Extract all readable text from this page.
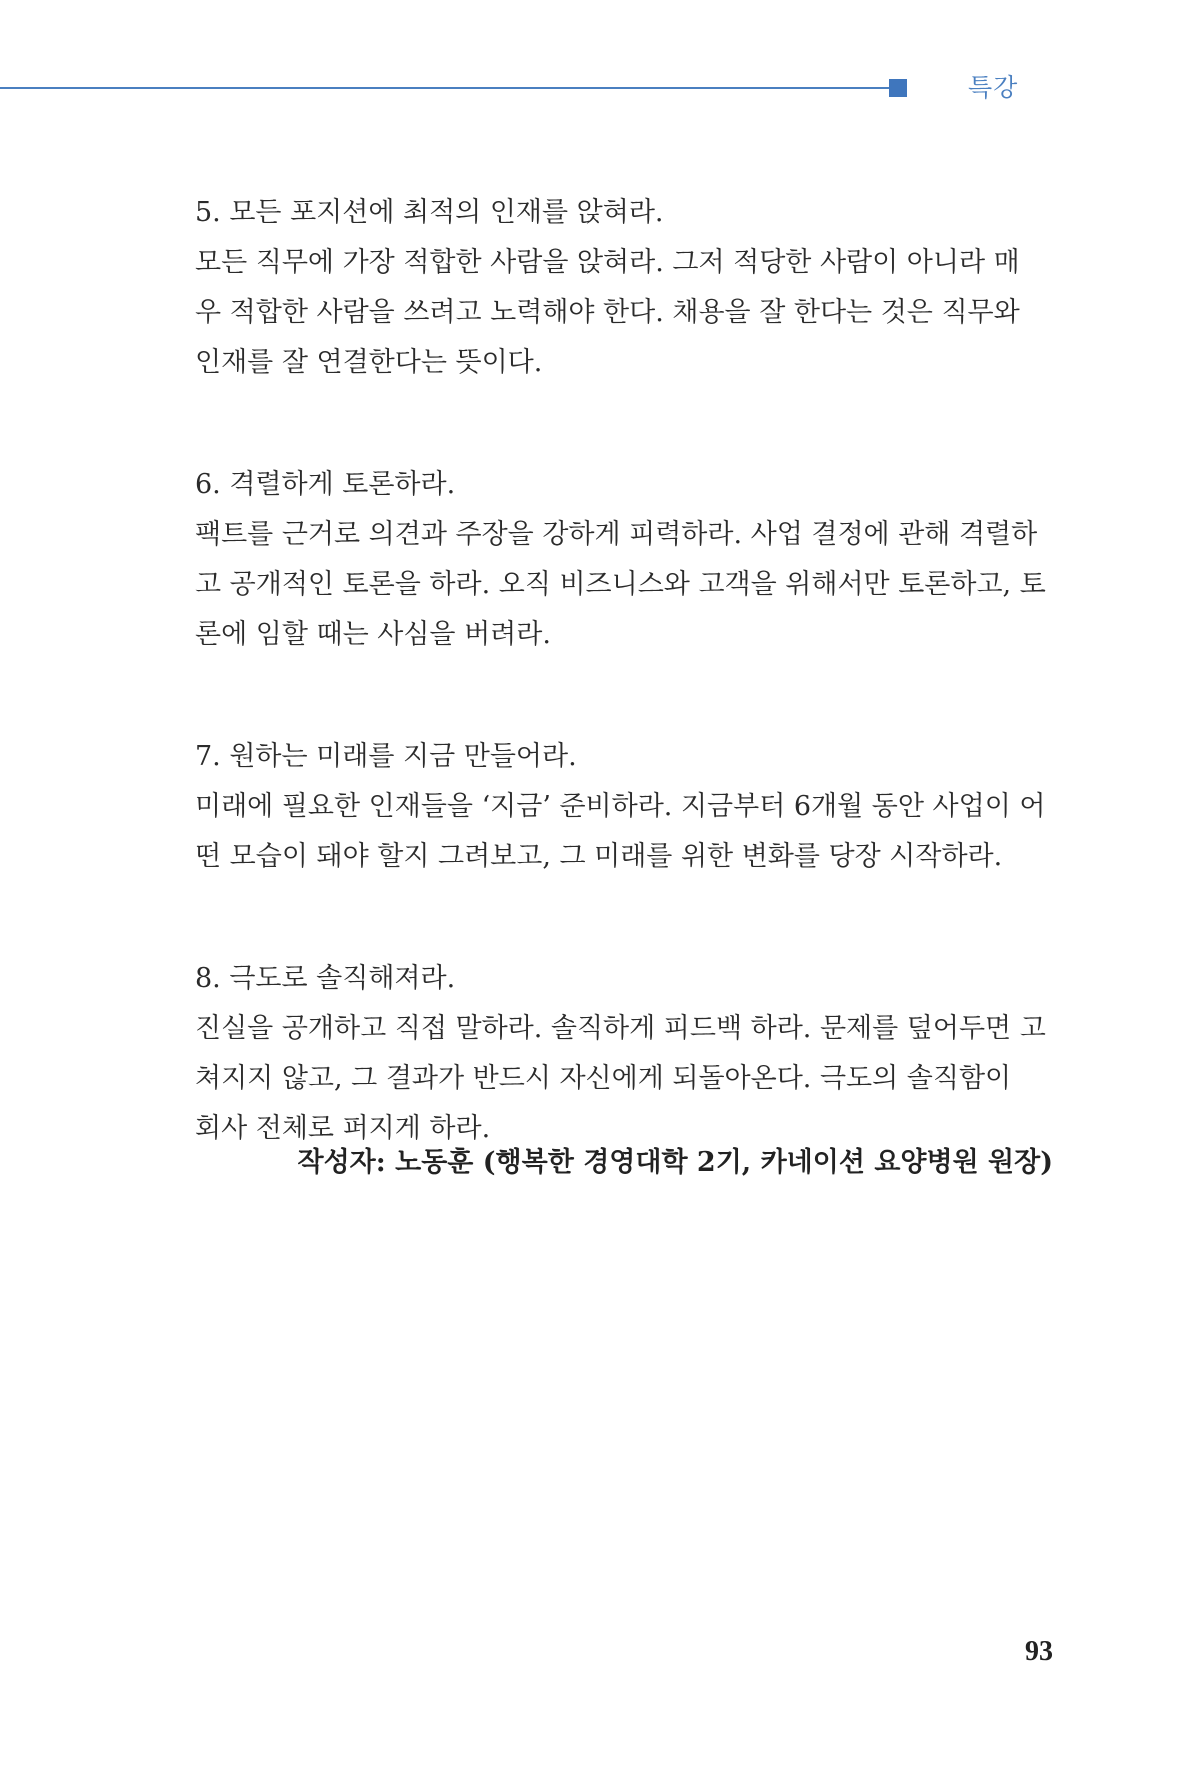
특강

5. 모든 포지션에 최적의 인재를 앉혀라.

모든 직무에 가장 적합한 사람을 앉혀라. 그저 적당한 사람이 아니라 매

우 적합한 사람을 쓰려고 노력해야 한다. 채용을 잘 한다는 것은 직무와

인재를 잘 연결한다는 뜻이다.

6. 격렬하게 토론하라.

팩트를 근거로 의견과 주장을 강하게 피력하라. 사업 결정에 관해 격렬하

고 공개적인 토론을 하라. 오직 비즈니스와 고객을 위해서만 토론하고, 토

론에 임할 때는 사심을 버려라.

7. 원하는 미래를 지금 만들어라.

미래에 필요한 인재들을 ‘지금’ 준비하라. 지금부터 6개월 동안 사업이 어

떤 모습이 돼야 할지 그려보고, 그 미래를 위한 변화를 당장 시작하라.

8. 극도로 솔직해져라.

진실을 공개하고 직접 말하라. 솔직하게 피드백 하라. 문제를 덮어두면 고

쳐지지 않고, 그 결과가 반드시 자신에게 되돌아온다. 극도의 솔직함이

회사 전체로 퍼지게 하라.

작성자: 노동훈 (행복한 경영대학 2기, 카네이션 요양병원 원장)
93
